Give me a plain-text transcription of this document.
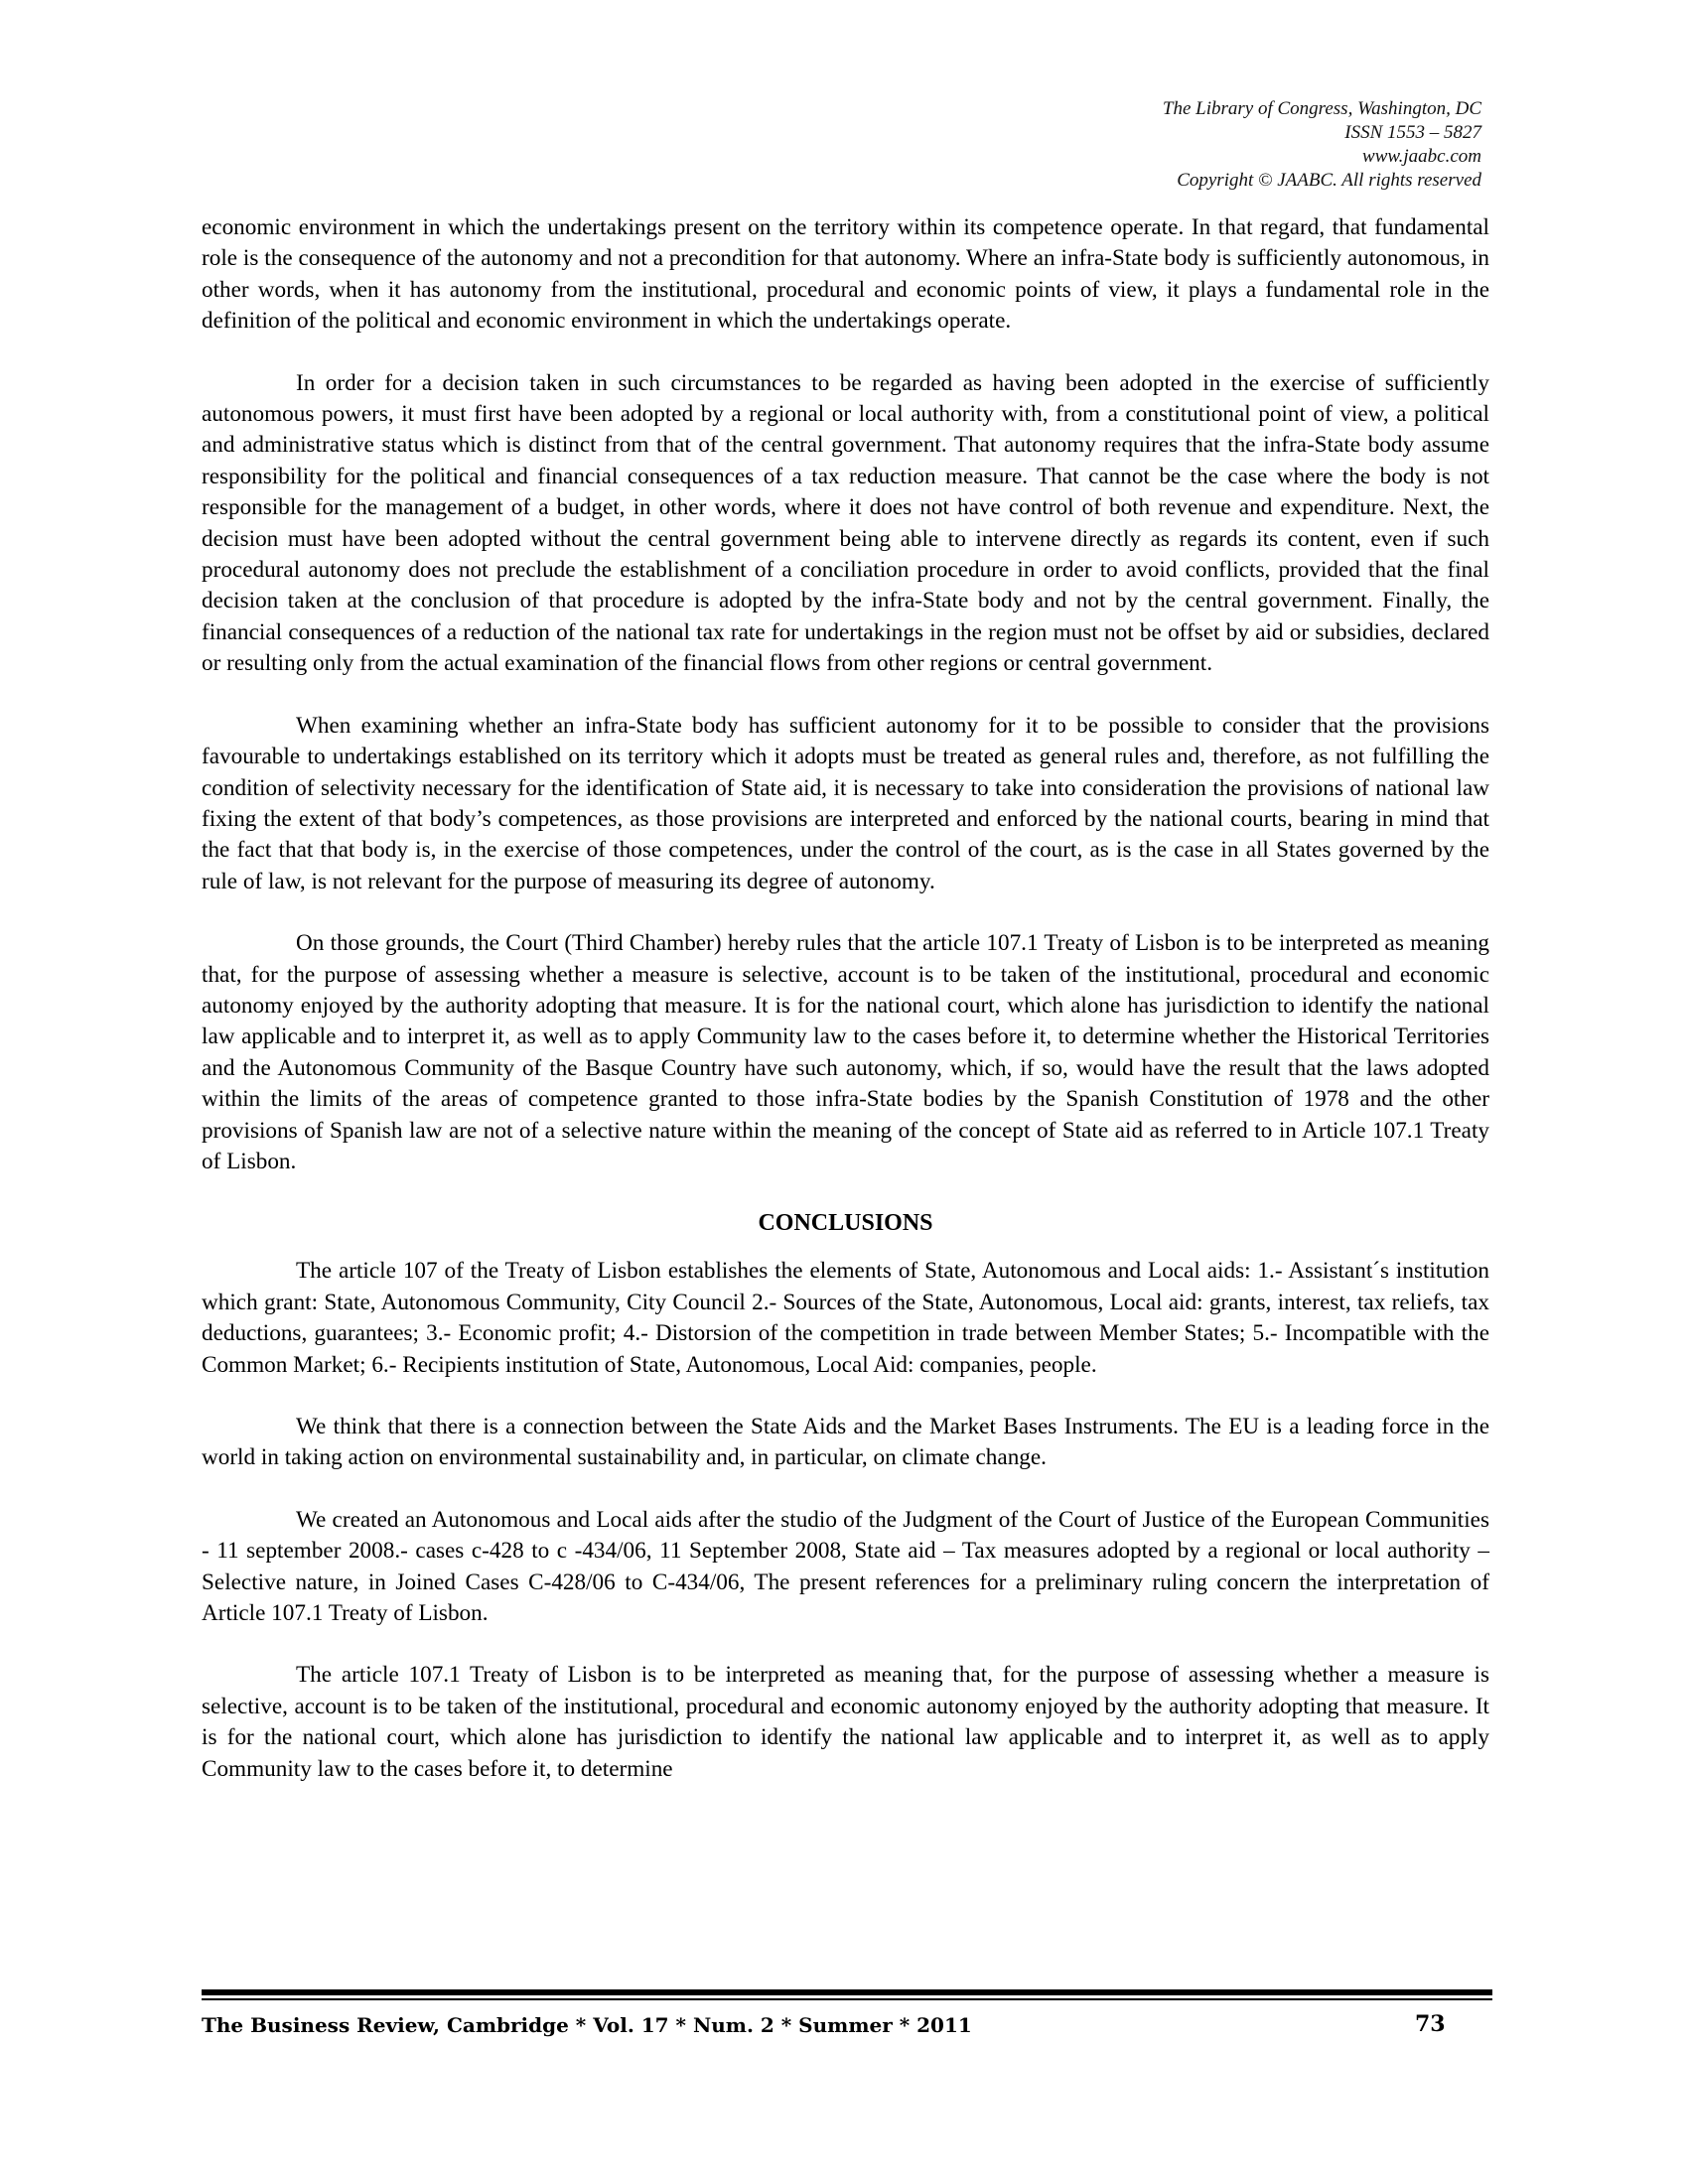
The Library of Congress, Washington, DC
ISSN 1553 – 5827
www.jaabc.com
Copyright © JAABC. All rights reserved

economic environment in which the undertakings present on the territory within its competence operate. In that regard, that fundamental role is the consequence of the autonomy and not a precondition for that autonomy. Where an infra-State body is sufficiently autonomous, in other words, when it has autonomy from the institutional, procedural and economic points of view, it plays a fundamental role in the definition of the political and economic environment in which the undertakings operate.

In order for a decision taken in such circumstances to be regarded as having been adopted in the exercise of sufficiently autonomous powers, it must first have been adopted by a regional or local authority with, from a constitutional point of view, a political and administrative status which is distinct from that of the central government. That autonomy requires that the infra-State body assume responsibility for the political and financial consequences of a tax reduction measure. That cannot be the case where the body is not responsible for the management of a budget, in other words, where it does not have control of both revenue and expenditure. Next, the decision must have been adopted without the central government being able to intervene directly as regards its content, even if such procedural autonomy does not preclude the establishment of a conciliation procedure in order to avoid conflicts, provided that the final decision taken at the conclusion of that procedure is adopted by the infra-State body and not by the central government. Finally, the financial consequences of a reduction of the national tax rate for undertakings in the region must not be offset by aid or subsidies, declared or resulting only from the actual examination of the financial flows from other regions or central government.

When examining whether an infra-State body has sufficient autonomy for it to be possible to consider that the provisions favourable to undertakings established on its territory which it adopts must be treated as general rules and, therefore, as not fulfilling the condition of selectivity necessary for the identification of State aid, it is necessary to take into consideration the provisions of national law fixing the extent of that body’s competences, as those provisions are interpreted and enforced by the national courts, bearing in mind that the fact that that body is, in the exercise of those competences, under the control of the court, as is the case in all States governed by the rule of law, is not relevant for the purpose of measuring its degree of autonomy.

On those grounds, the Court (Third Chamber) hereby rules that the article 107.1 Treaty of Lisbon is to be interpreted as meaning that, for the purpose of assessing whether a measure is selective, account is to be taken of the institutional, procedural and economic autonomy enjoyed by the authority adopting that measure. It is for the national court, which alone has jurisdiction to identify the national law applicable and to interpret it, as well as to apply Community law to the cases before it, to determine whether the Historical Territories and the Autonomous Community of the Basque Country have such autonomy, which, if so, would have the result that the laws adopted within the limits of the areas of competence granted to those infra-State bodies by the Spanish Constitution of 1978 and the other provisions of Spanish law are not of a selective nature within the meaning of the concept of State aid as referred to in Article 107.1 Treaty of Lisbon.

CONCLUSIONS

The article 107 of the Treaty of Lisbon establishes the elements of State, Autonomous and Local aids: 1.- Assistant´s institution which grant: State, Autonomous Community, City Council 2.- Sources of the State, Autonomous, Local aid: grants, interest, tax reliefs, tax deductions, guarantees; 3.- Economic profit; 4.- Distorsion of the competition in trade between Member States; 5.- Incompatible with the Common Market; 6.- Recipients institution of State, Autonomous, Local Aid: companies, people.

We think that there is a connection between the State Aids and the Market Bases Instruments. The EU is a leading force in the world in taking action on environmental sustainability and, in particular, on climate change.

We created an Autonomous and Local aids after the studio of the Judgment of the Court of Justice of the European Communities - 11 september 2008.- cases c-428 to c -434/06, 11 September 2008, State aid – Tax measures adopted by a regional or local authority – Selective nature, in Joined Cases C-428/06 to C-434/06, The present references for a preliminary ruling concern the interpretation of Article 107.1 Treaty of Lisbon.

The article 107.1 Treaty of Lisbon is to be interpreted as meaning that, for the purpose of assessing whether a measure is selective, account is to be taken of the institutional, procedural and economic autonomy enjoyed by the authority adopting that measure. It is for the national court, which alone has jurisdiction to identify the national law applicable and to interpret it, as well as to apply Community law to the cases before it, to determine

The Business Review, Cambridge * Vol. 17 * Num. 2 * Summer * 2011	73
